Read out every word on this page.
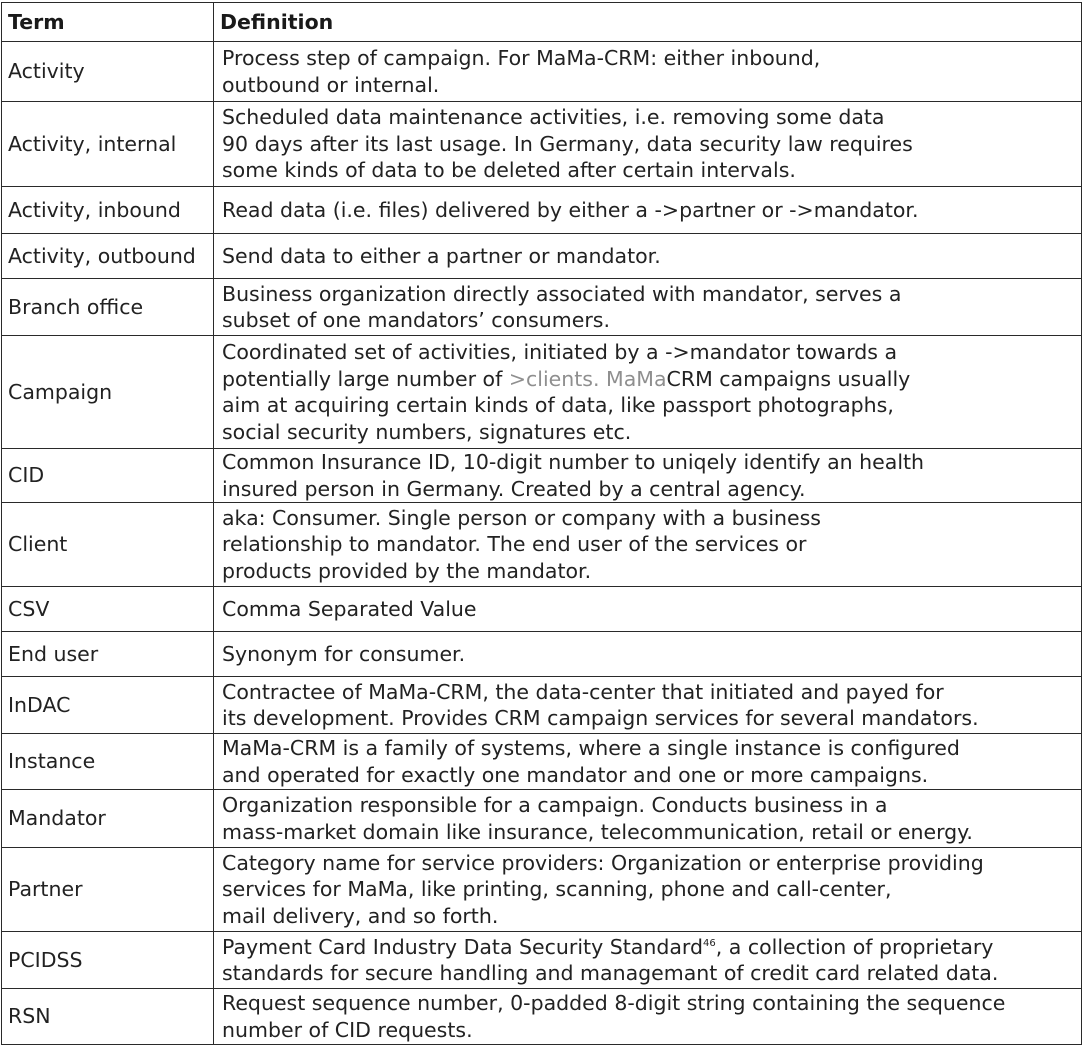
Term	Definition
Activity	Process step of campaign. For MaMa-CRM: either inbound,
outbound or internal.

Activity, internal	Scheduled data maintenance activities, i.e. removing some data
90 days after its last usage. In Germany, data security law requires
some kinds of data to be deleted after certain intervals.

Activity, inbound	Read data (i.e. files) delivered by either a ->partner or ->mandator.

Activity, outbound	Send data to either a partner or mandator.

Branch office	Business organization directly associated with mandator, serves a
subset of one mandators’ consumers.

Campaign	Coordinated set of activities, initiated by a ->mandator towards a
potentially large number of >clients. MaMaCRM campaigns usually
aim at acquiring certain kinds of data, like passport photographs,
social security numbers, signatures etc.

CID	Common Insurance ID, 10-digit number to uniqely identify an health
insured person in Germany. Created by a central agency.

Client	aka: Consumer. Single person or company with a business
relationship to mandator. The end user of the services or
products provided by the mandator.

CSV	Comma Separated Value

End user	Synonym for consumer.

InDAC	Contractee of MaMa-CRM, the data-center that initiated and payed for
its development. Provides CRM campaign services for several mandators.

Instance	MaMa-CRM is a family of systems, where a single instance is configured
and operated for exactly one mandator and one or more campaigns.

Mandator	Organization responsible for a campaign. Conducts business in a
mass-market domain like insurance, telecommunication, retail or energy.

Partner	Category name for service providers: Organization or enterprise providing
services for MaMa, like printing, scanning, phone and call-center,
mail delivery, and so forth.

PCIDSS	Payment Card Industry Data Security Standard$^{46}$, a collection of proprietary
standards for secure handling and managemant of credit card related data.

RSN	Request sequence number, 0-padded 8-digit string containing the sequence
number of CID requests.
